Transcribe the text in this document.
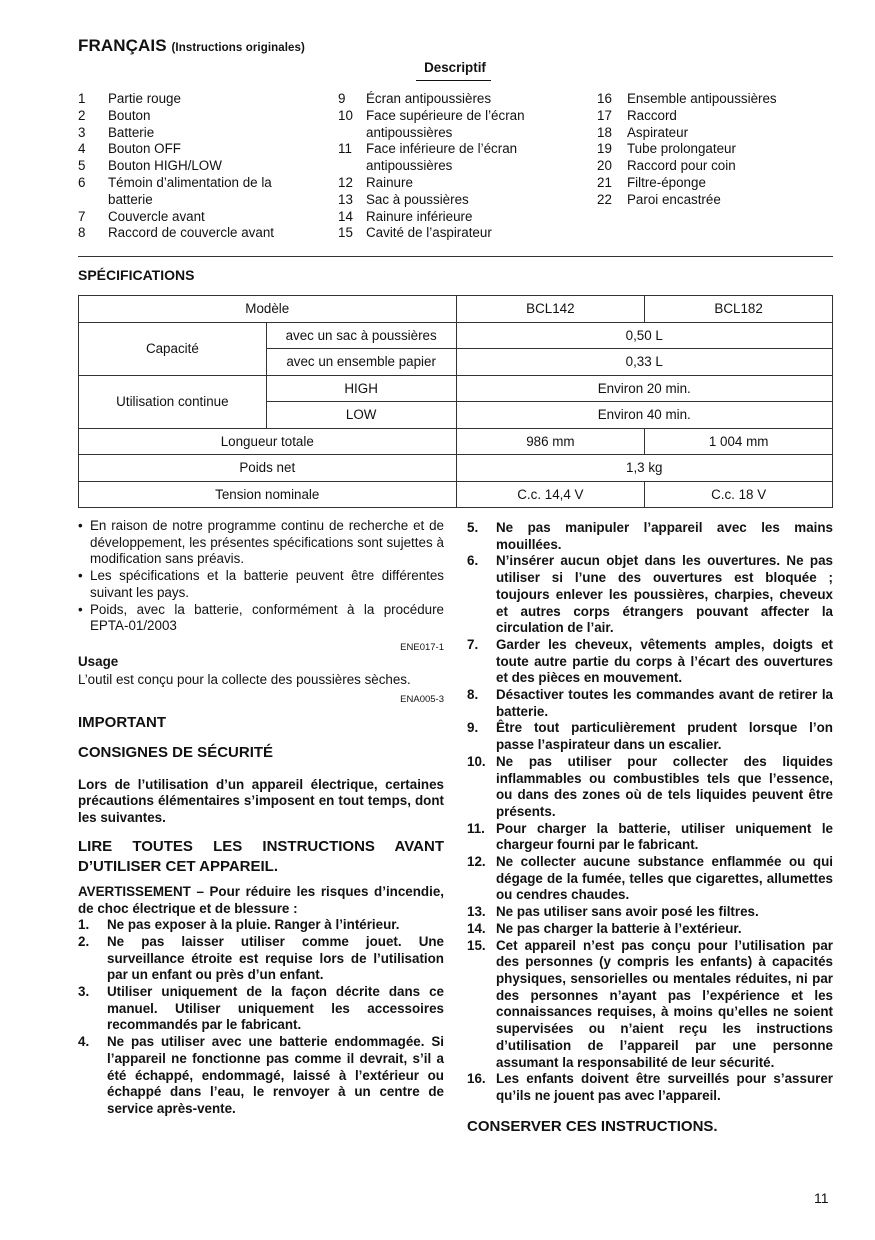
FRANÇAIS (Instructions originales)
Descriptif
1	Partie rouge
2	Bouton
3	Batterie
4	Bouton OFF
5	Bouton HIGH/LOW
6	Témoin d’alimentation de la batterie
7	Couvercle avant
8	Raccord de couvercle avant
9	Écran antipoussières
10 Face supérieure de l’écran antipoussières
11	Face inférieure de l’écran antipoussières
12 Rainure
13 Sac à poussières
14 Rainure inférieure
15 Cavité de l’aspirateur
16	Ensemble antipoussières
17	Raccord
18	Aspirateur
19	Tube prolongateur
20	Raccord pour coin
21	Filtre-éponge
22	Paroi encastrée
SPÉCIFICATIONS
Modèle		BCL142	BCL182
Capacité	avec un sac à poussières	0,50 L	
	avec un ensemble papier	0,33 L	
Utilisation continue	HIGH	Environ 20 min.	
	LOW	Environ 40 min.	
Longueur totale		986 mm	1 004 mm
Poids net		1,3 kg	
Tension nominale		C.c. 14,4 V	C.c. 18 V
• En raison de notre programme continu de recherche et de développement, les présentes spécifications sont sujettes à modification sans préavis.
• Les spécifications et la batterie peuvent être différentes suivant les pays.
• Poids, avec la batterie, conformément à la procédure EPTA-01/2003
ENE017-1
Usage
L’outil est conçu pour la collecte des poussières sèches.
ENA005-3
IMPORTANT
CONSIGNES DE SÉCURITÉ
Lors de l’utilisation d’un appareil électrique, certaines précautions élémentaires s’imposent en tout temps, dont les suivantes.
LIRE TOUTES LES INSTRUCTIONS AVANT D’UTILISER CET APPAREIL.
AVERTISSEMENT – Pour réduire les risques d’incendie, de choc électrique et de blessure :
1.	Ne pas exposer à la pluie. Ranger à l’intérieur.
2.	Ne pas laisser utiliser comme jouet. Une surveillance étroite est requise lors de l’utilisation par un enfant ou près d’un enfant.
3.	Utiliser uniquement de la façon décrite dans ce manuel. Utiliser uniquement les accessoires recommandés par le fabricant.
4.	Ne pas utiliser avec une batterie endommagée. Si l’appareil ne fonctionne pas comme il devrait, s’il a été échappé, endommagé, laissé à l’extérieur ou échappé dans l’eau, le renvoyer à un centre de service après-vente.
5.	Ne pas manipuler l’appareil avec les mains mouillées.
6.	N’insérer aucun objet dans les ouvertures. Ne pas utiliser si l’une des ouvertures est bloquée ; toujours enlever les poussières, charpies, cheveux et autres corps étrangers pouvant affecter la circulation de l’air.
7.	Garder les cheveux, vêtements amples, doigts et toute autre partie du corps à l’écart des ouvertures et des pièces en mouvement.
8.	Désactiver toutes les commandes avant de retirer la batterie.
9.	Être tout particulièrement prudent lorsque l’on passe l’aspirateur dans un escalier.
10. Ne pas utiliser pour collecter des liquides inflammables ou combustibles tels que l’essence, ou dans des zones où de tels liquides peuvent être présents.
11. Pour charger la batterie, utiliser uniquement le chargeur fourni par le fabricant.
12. Ne collecter aucune substance enflammée ou qui dégage de la fumée, telles que cigarettes, allumettes ou cendres chaudes.
13. Ne pas utiliser sans avoir posé les filtres.
14. Ne pas charger la batterie à l’extérieur.
15. Cet appareil n’est pas conçu pour l’utilisation par des personnes (y compris les enfants) à capacités physiques, sensorielles ou mentales réduites, ni par des personnes n’ayant pas l’expérience et les connaissances requises, à moins qu’elles ne soient supervisées ou n’aient reçu les instructions d’utilisation de l’appareil par une personne assumant la responsabilité de leur sécurité.
16. Les enfants doivent être surveillés pour s’assurer qu’ils ne jouent pas avec l’appareil.
CONSERVER CES INSTRUCTIONS.
11
